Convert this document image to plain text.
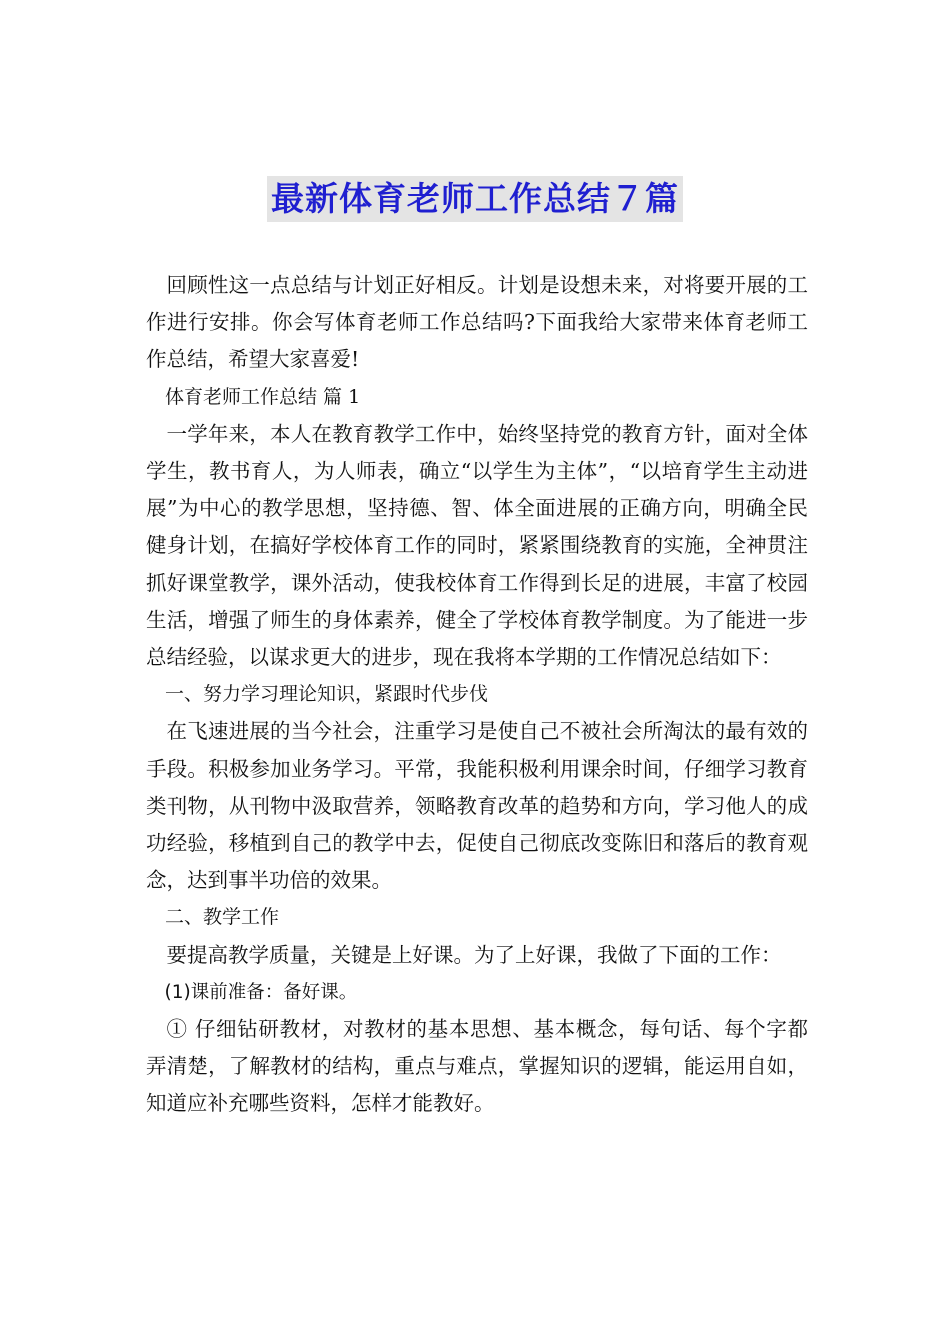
最新体育老师工作总结７篇

回顾性这一点总结与计划正好相反。计划是设想未来，对将要开展的工作进行安排。你会写体育老师工作总结吗?下面我给大家带来体育老师工作总结，希望大家喜爱!

体育老师工作总结 篇 1

一学年来，本人在教育教学工作中，始终坚持党的教育方针，面对全体学生，教书育人，为人师表，确立“以学生为主体”，“以培育学生主动进展”为中心的教学思想，坚持德、智、体全面进展的正确方向，明确全民健身计划，在搞好学校体育工作的同时，紧紧围绕教育的实施，全神贯注抓好课堂教学，课外活动，使我校体育工作得到长足的进展，丰富了校园生活，增强了师生的身体素养，健全了学校体育教学制度。为了能进一步总结经验，以谋求更大的进步，现在我将本学期的工作情况总结如下：

一、努力学习理论知识，紧跟时代步伐

在飞速进展的当今社会，注重学习是使自己不被社会所淘汰的最有效的手段。积极参加业务学习。平常，我能积极利用课余时间，仔细学习教育类刊物，从刊物中汲取营养，领略教育改革的趋势和方向，学习他人的成功经验，移植到自己的教学中去，促使自己彻底改变陈旧和落后的教育观念，达到事半功倍的效果。

二、教学工作

要提高教学质量，关键是上好课。为了上好课，我做了下面的工作：

(1)课前准备：备好课。

① 仔细钻研教材，对教材的基本思想、基本概念，每句话、每个字都弄清楚，了解教材的结构，重点与难点，掌握知识的逻辑，能运用自如，知道应补充哪些资料，怎样才能教好。
